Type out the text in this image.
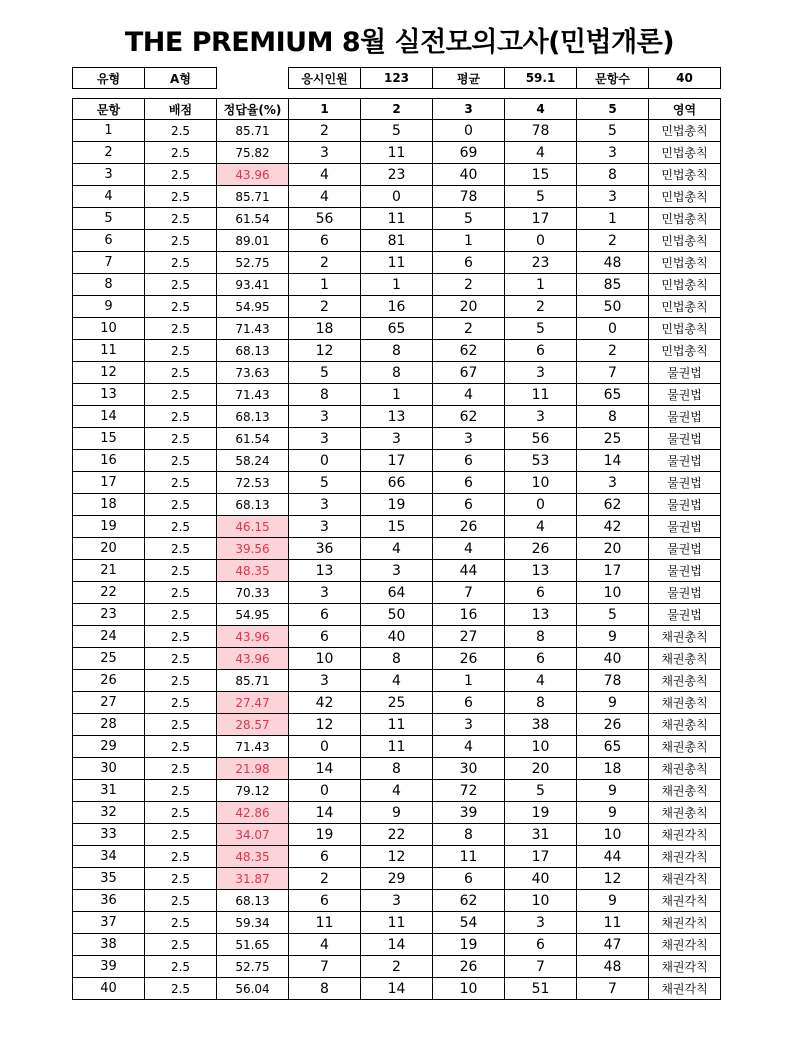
THE PREMIUM 8월 실전모의고사(민법개론)
유형	A형		응시인원	123	평균	59.1	문항수	40
문항	배점	정답율(%)	1	2	3	4	5	영역
1	2.5	85.71	2	5	0	78	5	민법총칙
2	2.5	75.82	3	11	69	4	3	민법총칙
3	2.5	43.96	4	23	40	15	8	민법총칙
4	2.5	85.71	4	0	78	5	3	민법총칙
5	2.5	61.54	56	11	5	17	1	민법총칙
6	2.5	89.01	6	81	1	0	2	민법총칙
7	2.5	52.75	2	11	6	23	48	민법총칙
8	2.5	93.41	1	1	2	1	85	민법총칙
9	2.5	54.95	2	16	20	2	50	민법총칙
10	2.5	71.43	18	65	2	5	0	민법총칙
11	2.5	68.13	12	8	62	6	2	민법총칙
12	2.5	73.63	5	8	67	3	7	물권법
13	2.5	71.43	8	1	4	11	65	물권법
14	2.5	68.13	3	13	62	3	8	물권법
15	2.5	61.54	3	3	3	56	25	물권법
16	2.5	58.24	0	17	6	53	14	물권법
17	2.5	72.53	5	66	6	10	3	물권법
18	2.5	68.13	3	19	6	0	62	물권법
19	2.5	46.15	3	15	26	4	42	물권법
20	2.5	39.56	36	4	4	26	20	물권법
21	2.5	48.35	13	3	44	13	17	물권법
22	2.5	70.33	3	64	7	6	10	물권법
23	2.5	54.95	6	50	16	13	5	물권법
24	2.5	43.96	6	40	27	8	9	채권총칙
25	2.5	43.96	10	8	26	6	40	채권총칙
26	2.5	85.71	3	4	1	4	78	채권총칙
27	2.5	27.47	42	25	6	8	9	채권총칙
28	2.5	28.57	12	11	3	38	26	채권총칙
29	2.5	71.43	0	11	4	10	65	채권총칙
30	2.5	21.98	14	8	30	20	18	채권총칙
31	2.5	79.12	0	4	72	5	9	채권총칙
32	2.5	42.86	14	9	39	19	9	채권총칙
33	2.5	34.07	19	22	8	31	10	채권각칙
34	2.5	48.35	6	12	11	17	44	채권각칙
35	2.5	31.87	2	29	6	40	12	채권각칙
36	2.5	68.13	6	3	62	10	9	채권각칙
37	2.5	59.34	11	11	54	3	11	채권각칙
38	2.5	51.65	4	14	19	6	47	채권각칙
39	2.5	52.75	7	2	26	7	48	채권각칙
40	2.5	56.04	8	14	10	51	7	채권각칙
